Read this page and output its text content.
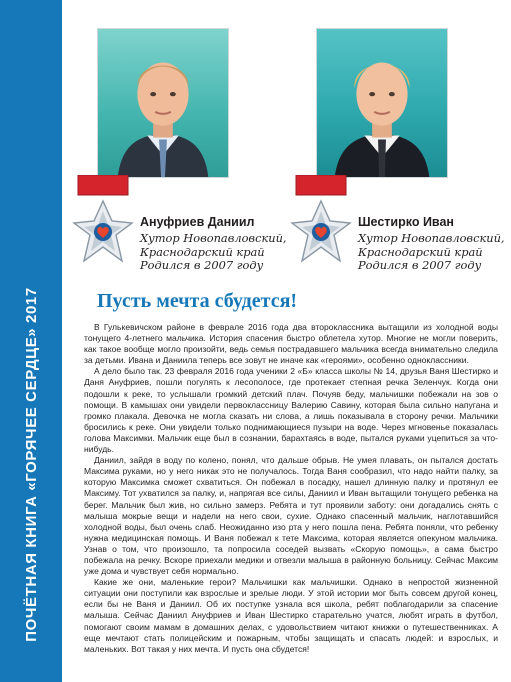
ПОЧЁТНАЯ КНИГА «ГОРЯЧЕЕ СЕРДЦЕ» 2017
Ануфриев Даниил
Хутор Новопавловский,
Краснодарский край
Родился в 2007 году
Шестирко Иван
Хутор Новопавловский,
Краснодарский край
Родился в 2007 году
Пусть мечта сбудется!

В Гулькевичском районе в феврале 2016 года два второклассника вытащили из холодной воды тонущего 4-летнего мальчика. История спасения быстро облетела хутор. Многие не могли поверить, как такое вообще могло произойти, ведь семья пострадавшего мальчика всегда внимательно следила за детьми. Ивана и Даниила теперь все зовут не иначе как «героями», особенно одноклассники.

А дело было так. 23 февраля 2016 года ученики 2 «Б» класса школы № 14, друзья Ваня Шестирко и Даня Ануфриев, пошли погулять к лесополосе, где протекает степная речка Зеленчук. Когда они подошли к реке, то услышали громкий детский плач. Почуяв беду, мальчишки побежали на зов о помощи. В камышах они увидели первоклассницу Валерию Савину, которая была сильно напугана и громко плакала. Девочка не могла сказать ни слова, а лишь показывала в сторону речки. Мальчики бросились к реке. Они увидели только поднимающиеся пузыри на воде. Через мгновенье показалась голова Максимки. Мальчик еще был в сознании, барахтаясь в воде, пытался руками уцепиться за что-нибудь.

Даниил, зайдя в воду по колено, понял, что дальше обрыв. Не умея плавать, он пытался достать Максима руками, но у него никак это не получалось. Тогда Ваня сообразил, что надо найти палку, за которую Максимка сможет схватиться. Он побежал в посадку, нашел длинную палку и протянул ее Максиму. Тот ухватился за палку, и, напрягая все силы, Даниил и Иван вытащили тонущего ребенка на берег. Мальчик был жив, но сильно замерз. Ребята и тут проявили заботу: они догадались снять с малыша мокрые вещи и надели на него свои, сухие. Однако спасенный мальчик, наглотавшийся холодной воды, был очень слаб. Неожиданно изо рта у него пошла пена. Ребята поняли, что ребенку нужна медицинская помощь. И Ваня побежал к тете Максима, которая является опекуном мальчика. Узнав о том, что произошло, та попросила соседей вызвать «Скорую помощь», а сама быстро побежала на речку. Вскоре приехали медики и отвезли малыша в районную больницу. Сейчас Максим уже дома и чувствует себя нормально.

Какие же они, маленькие герои? Мальчишки как мальчишки. Однако в непростой жизненной ситуации они поступили как взрослые и зрелые люди. У этой истории мог быть совсем другой конец, если бы не Ваня и Даниил. Об их поступке узнала вся школа, ребят поблагодарили за спасение малыша. Сейчас Даниил Ануфриев и Иван Шестирко старательно учатся, любят играть в футбол, помогают своим мамам в домашних делах, с удовольствием читают книжки о путешественниках. А еще мечтают стать полицейским и пожарным, чтобы защищать и спасать людей: и взрослых, и маленьких. Вот такая у них мечта. И пусть она сбудется!
